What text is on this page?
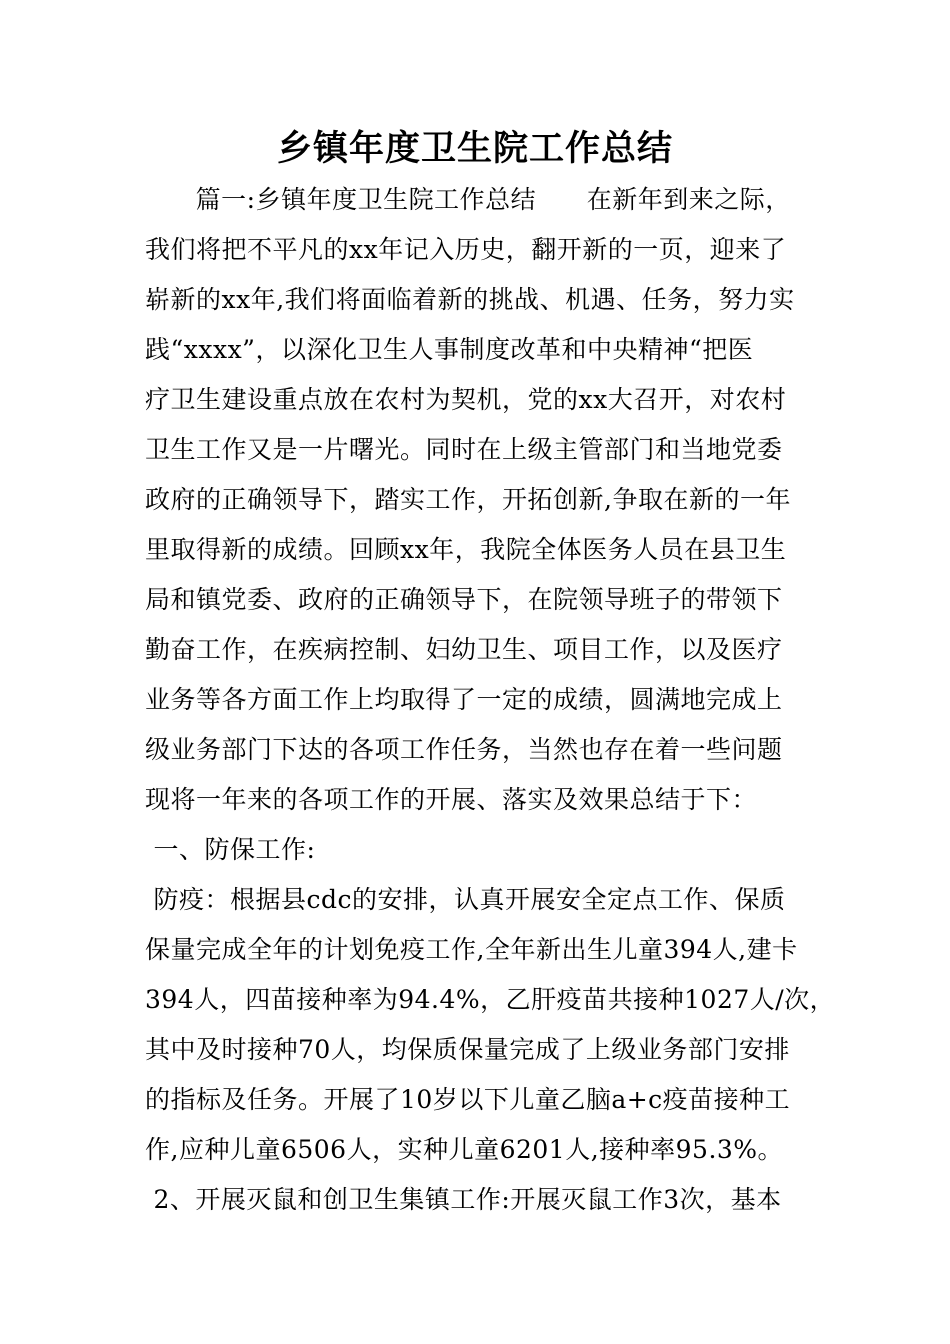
乡镇年度卫生院工作总结
篇一:乡镇年度卫生院工作总结      在新年到来之际，
我们将把不平凡的xx年记入历史，翻开新的一页，迎来了
崭新的xx年,我们将面临着新的挑战、机遇、任务，努力实
践“xxxx”，以深化卫生人事制度改革和中央精神“把医
疗卫生建设重点放在农村为契机，党的xx大召开，对农村
卫生工作又是一片曙光。同时在上级主管部门和当地党委
政府的正确领导下，踏实工作，开拓创新,争取在新的一年
里取得新的成绩。回顾xx年，我院全体医务人员在县卫生
局和镇党委、政府的正确领导下，在院领导班子的带领下
勤奋工作，在疾病控制、妇幼卫生、项目工作，以及医疗
业务等各方面工作上均取得了一定的成绩，圆满地完成上
级业务部门下达的各项工作任务，当然也存在着一些问题
现将一年来的各项工作的开展、落实及效果总结于下：
一、防保工作:
防疫：根据县cdc的安排，认真开展安全定点工作、保质
保量完成全年的计划免疫工作,全年新出生儿童394人,建卡
394人，四苗接种率为94.4%，乙肝疫苗共接种1027人/次，
其中及时接种70人，均保质保量完成了上级业务部门安排
的指标及任务。开展了10岁以下儿童乙脑a+c疫苗接种工
作,应种儿童6506人，实种儿童6201人,接种率95.3%。
2、开展灭鼠和创卫生集镇工作:开展灭鼠工作3次，基本
